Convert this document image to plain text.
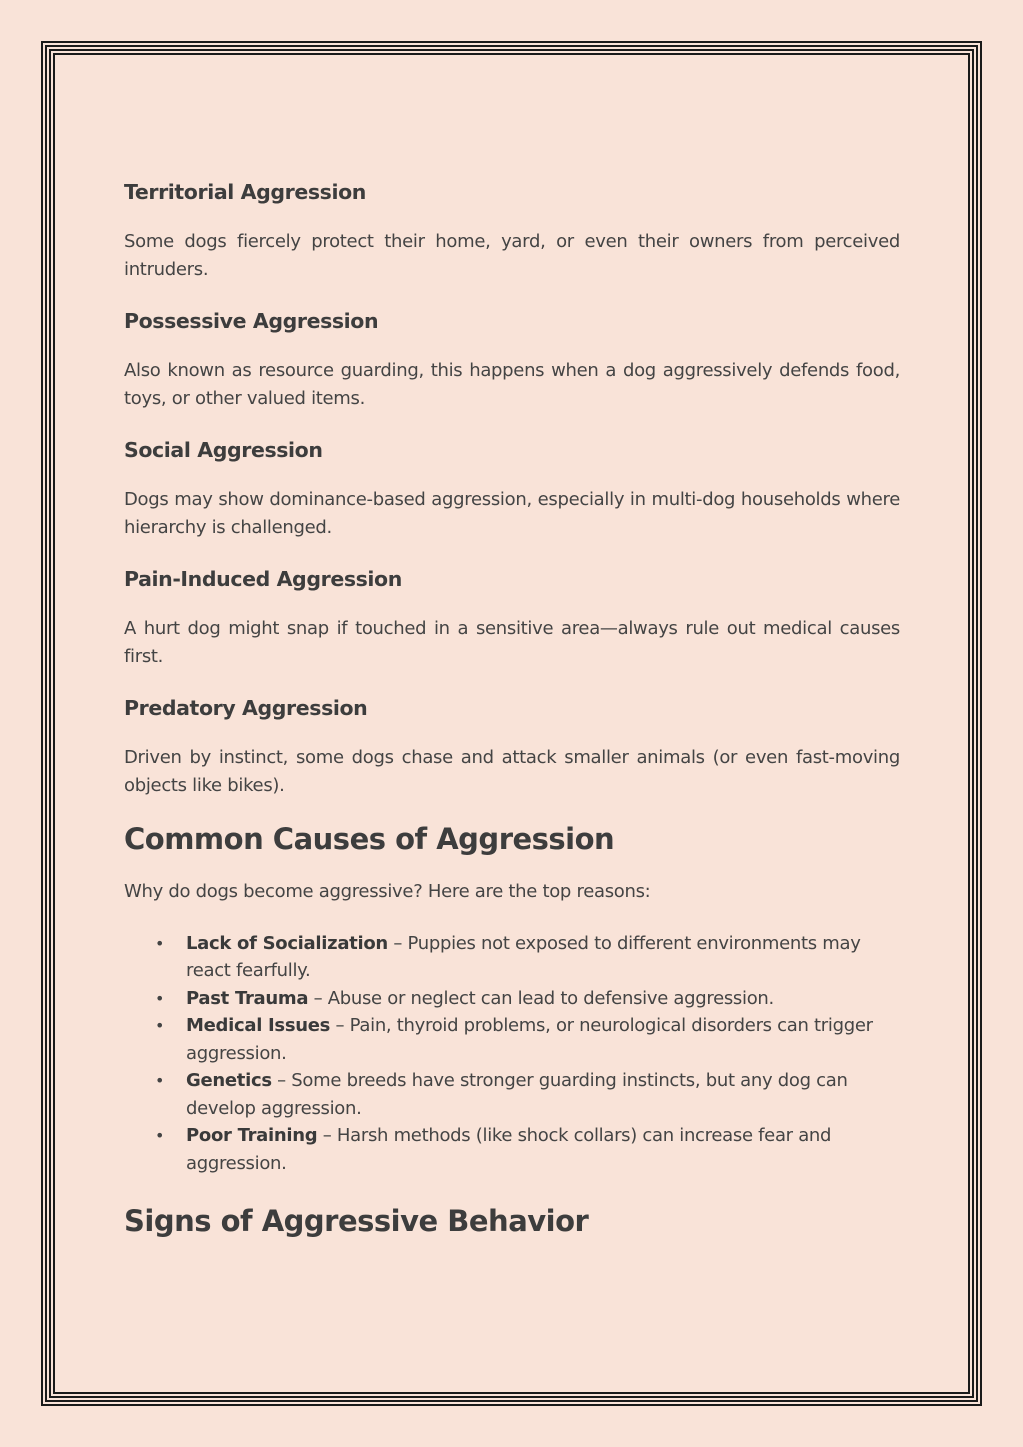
Territorial Aggression

Some dogs fiercely protect their home, yard, or even their owners from perceived intruders.

Possessive Aggression

Also known as resource guarding, this happens when a dog aggressively defends food, toys, or other valued items.

Social Aggression

Dogs may show dominance-based aggression, especially in multi-dog households where hierarchy is challenged.

Pain-Induced Aggression

A hurt dog might snap if touched in a sensitive area—always rule out medical causes first.

Predatory Aggression

Driven by instinct, some dogs chase and attack smaller animals (or even fast-moving objects like bikes).

Common Causes of Aggression

Why do dogs become aggressive? Here are the top reasons:

• Lack of Socialization – Puppies not exposed to different environments may react fearfully.
• Past Trauma – Abuse or neglect can lead to defensive aggression.
• Medical Issues – Pain, thyroid problems, or neurological disorders can trigger aggression.
• Genetics – Some breeds have stronger guarding instincts, but any dog can develop aggression.
• Poor Training – Harsh methods (like shock collars) can increase fear and aggression.
Signs of Aggressive Behavior
